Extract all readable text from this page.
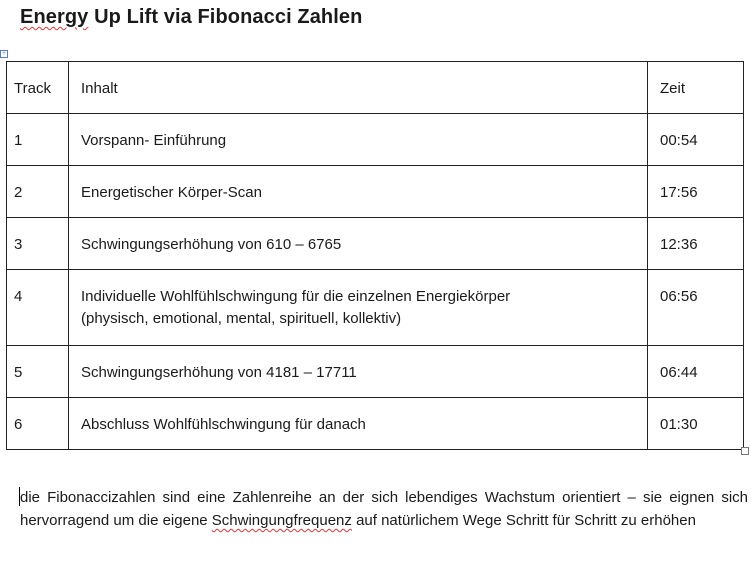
Energy Up Lift via Fibonacci Zahlen
+
Track	Inhalt	Zeit
1	Vorspann- Einführung	00:54
2	Energetischer Körper-Scan	17:56
3	Schwingungserhöhung von 610 – 6765	12:36
4	Individuelle Wohlfühlschwingung für die einzelnen Energiekörper
(physisch, emotional, mental, spirituell, kollektiv)	06:56
5	Schwingungserhöhung von 4181 – 17711	06:44
6	Abschluss Wohlfühlschwingung für danach	01:30
die Fibonaccizahlen sind eine Zahlenreihe an der sich lebendiges Wachstum orientiert – sie eignen sich hervorragend um die eigene Schwingungfrequenz auf natürlichem Wege Schritt für Schritt zu erhöhen
